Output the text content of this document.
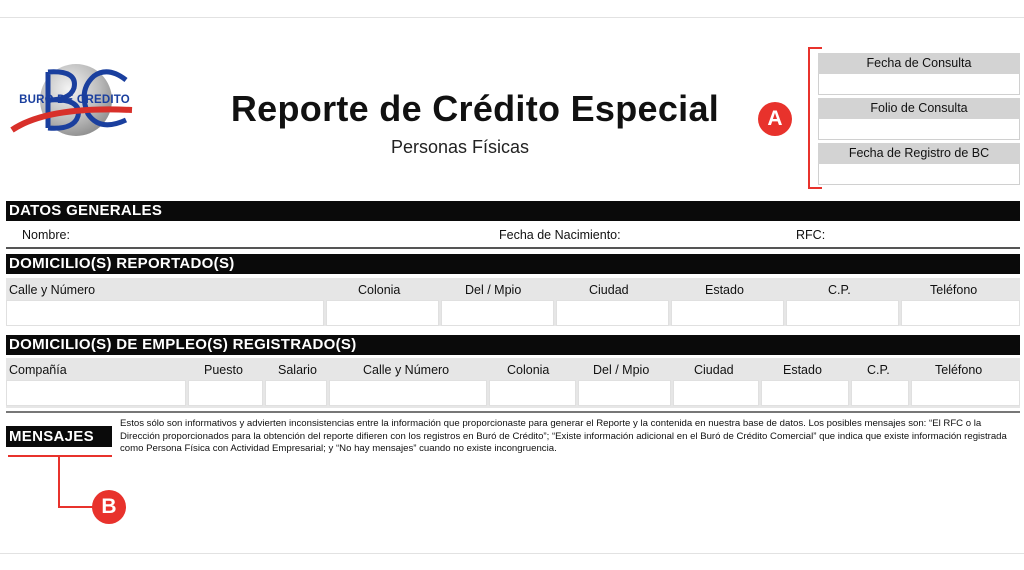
BURO DE CREDITO	Reporte de Crédito Especial
Personas Físicas
A
Fecha de Consulta
Folio de Consulta
Fecha de Registro de BC
DATOS GENERALES
Nombre:	Fecha de Nacimiento:	RFC:
DOMICILIO(S) REPORTADO(S)
Calle y Número	Colonia	Del / Mpio	Ciudad	Estado	C.P.	Teléfono
DOMICILIO(S) DE EMPLEO(S) REGISTRADO(S)
Compañía	Puesto	Salario	Calle y Número	Colonia	Del / Mpio	Ciudad	Estado	C.P.	Teléfono
MENSAJES
Estos sólo son informativos y advierten inconsistencias entre la información que proporcionaste para generar el Reporte y la contenida en nuestra base de datos. Los posibles mensajes son: “El RFC o la Dirección proporcionados para la obtención del reporte difieren con los registros en Buró de Crédito”; “Existe información adicional en el Buró de Crédito Comercial” que indica que existe información registrada como Persona Física con Actividad Empresarial; y “No hay mensajes” cuando no existe incongruencia.
B
